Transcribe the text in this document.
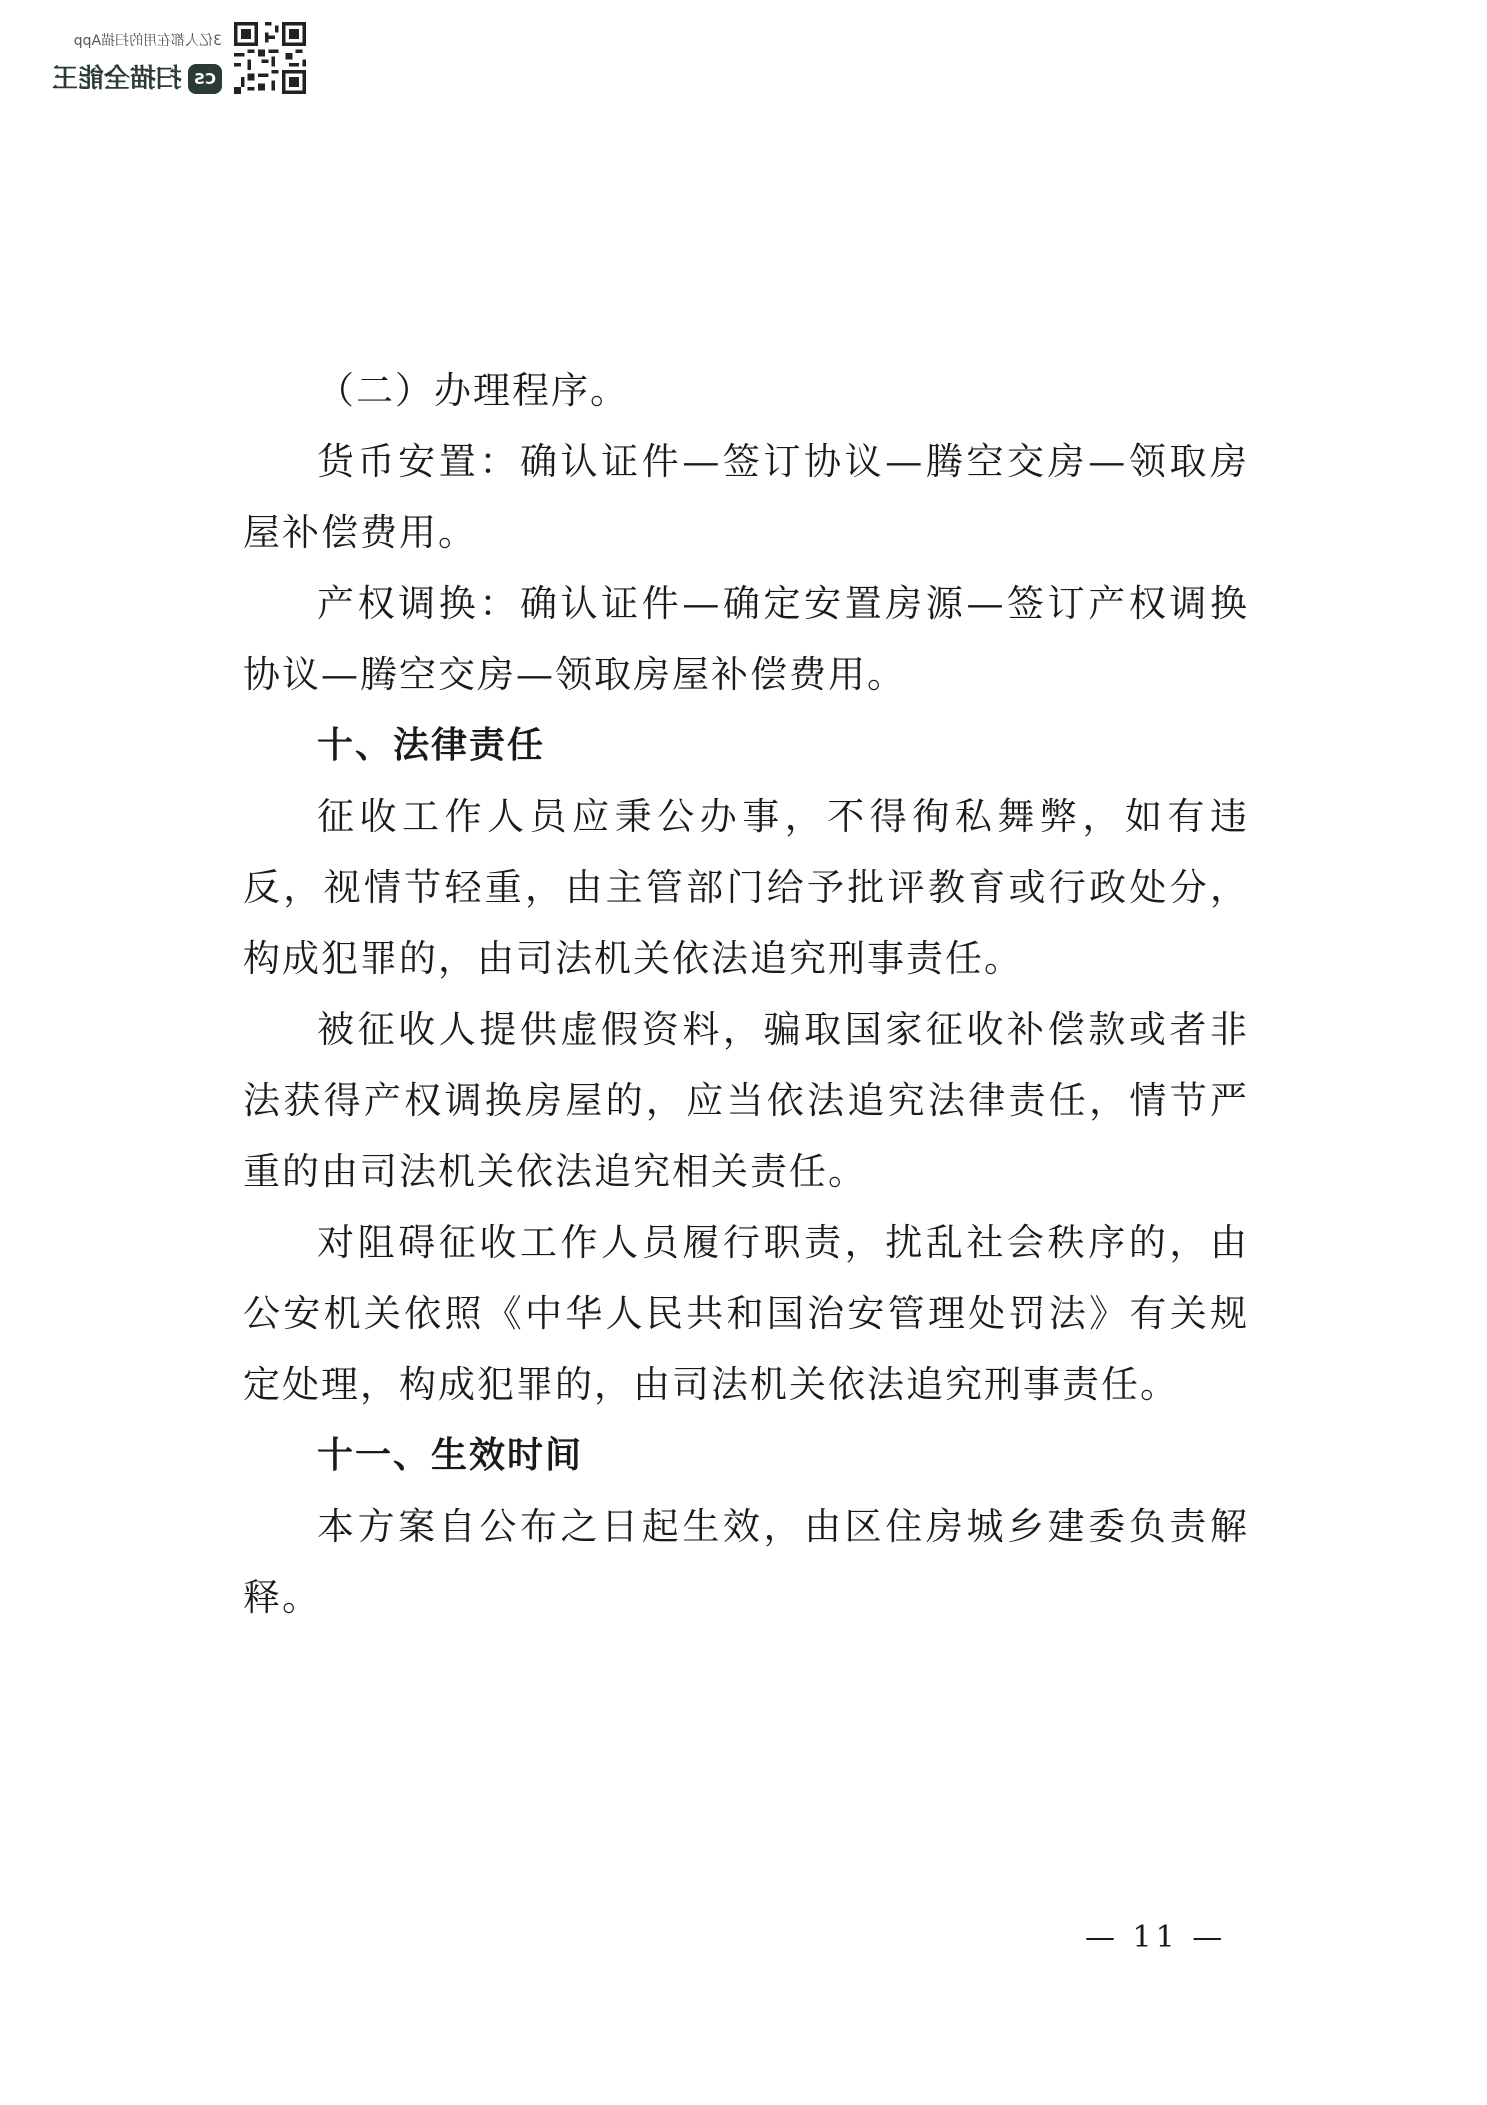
3亿人都在用的扫描App
CS
扫描全能王

（二）办理程序。

货币安置：确认证件—签订协议—腾空交房—领取房屋补偿费用。

产权调换：确认证件—确定安置房源—签订产权调换协议—腾空交房—领取房屋补偿费用。

十、法律责任

征收工作人员应秉公办事，不得徇私舞弊，如有违反，视情节轻重，由主管部门给予批评教育或行政处分，构成犯罪的，由司法机关依法追究刑事责任。

被征收人提供虚假资料，骗取国家征收补偿款或者非法获得产权调换房屋的，应当依法追究法律责任，情节严重的由司法机关依法追究相关责任。

对阻碍征收工作人员履行职责，扰乱社会秩序的，由公安机关依照《中华人民共和国治安管理处罚法》有关规定处理，构成犯罪的，由司法机关依法追究刑事责任。

十一、生效时间

本方案自公布之日起生效，由区住房城乡建委负责解释。

— 11 —
